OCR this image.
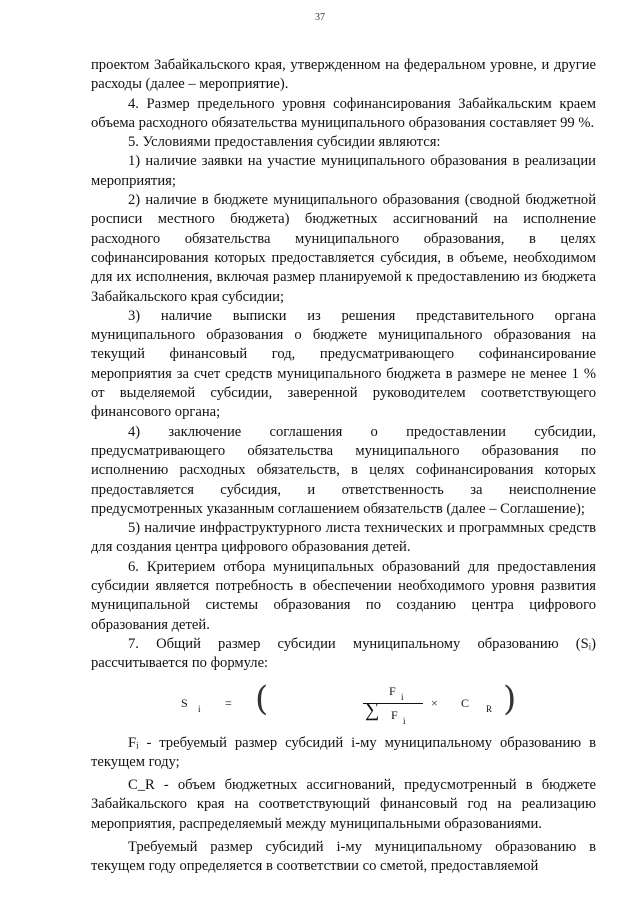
37

проектом Забайкальского края, утвержденном на федеральном уровне, и другие расходы (далее – мероприятие).

4. Размер предельного уровня софинансирования Забайкальским краем объема расходного обязательства муниципального образования составляет 99 %.

5. Условиями предоставления субсидии являются:

1) наличие заявки на участие муниципального образования в реализации мероприятия;

2) наличие в бюджете муниципального образования (сводной бюджетной росписи местного бюджета) бюджетных ассигнований на исполнение расходного обязательства муниципального образования, в целях софинансирования которых предоставляется субсидия, в объеме, необходимом для их исполнения, включая размер планируемой к предоставлению из бюджета Забайкальского края субсидии;

3) наличие выписки из решения представительного органа муниципального образования о бюджете муниципального образования на текущий финансовый год, предусматривающего софинансирование мероприятия за счет средств муниципального бюджета в размере не менее 1 % от выделяемой субсидии, заверенной руководителем соответствующего финансового органа;

4) заключение соглашения о предоставлении субсидии, предусматривающего обязательства муниципального образования по исполнению расходных обязательств, в целях софинансирования которых предоставляется субсидия, и ответственность за неисполнение предусмотренных указанным соглашением обязательств (далее – Соглашение);

5) наличие инфраструктурного листа технических и программных средств для создания центра цифрового образования детей.

6. Критерием отбора муниципальных образований для предоставления субсидии является потребность в обеспечении необходимого уровня развития муниципальной системы образования по созданию центра цифрового образования детей.

7. Общий размер субсидии муниципальному образованию (Sᵢ) рассчитывается по формуле:

S i = (	F i
∑ F i
× C R )

Fᵢ - требуемый размер субсидий i-му муниципальному образованию в текущем году;

C_R - объем бюджетных ассигнований, предусмотренный в бюджете Забайкальского края на соответствующий финансовый год на реализацию мероприятия, распределяемый между муниципальными образованиями.

Требуемый размер субсидий i-му муниципальному образованию в текущем году определяется в соответствии со сметой, предоставляемой
